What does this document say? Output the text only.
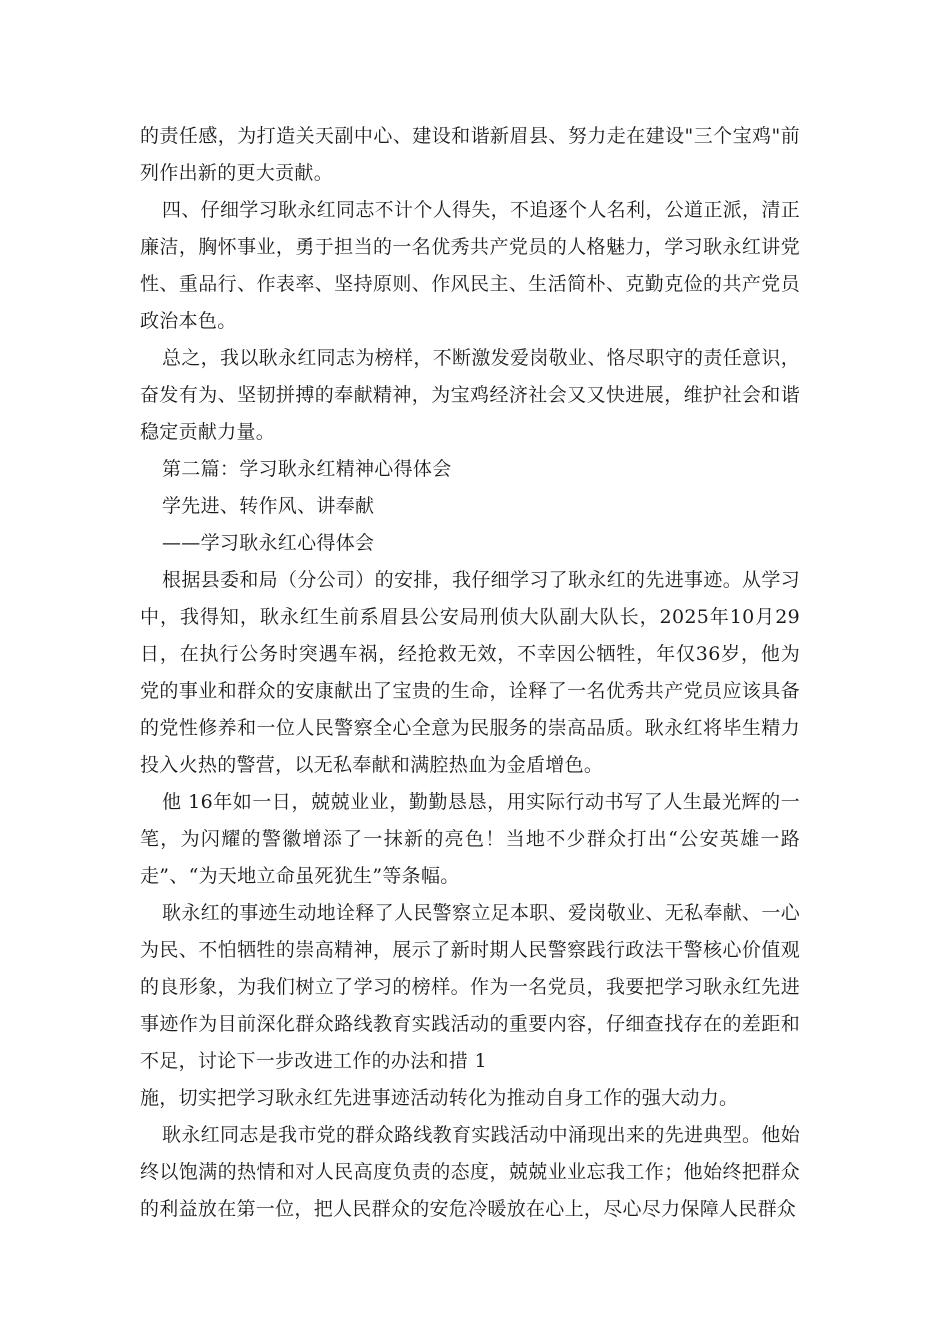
的责任感，为打造关天副中心、建设和谐新眉县、努力走在建设"三个宝鸡"前列作出新的更大贡献。

四、仔细学习耿永红同志不计个人得失，不追逐个人名利，公道正派，清正廉洁，胸怀事业，勇于担当的一名优秀共产党员的人格魅力，学习耿永红讲党性、重品行、作表率、坚持原则、作风民主、生活简朴、克勤克俭的共产党员政治本色。

总之，我以耿永红同志为榜样，不断激发爱岗敬业、恪尽职守的责任意识，奋发有为、坚韧拼搏的奉献精神，为宝鸡经济社会又又快进展，维护社会和谐稳定贡献力量。

第二篇：学习耿永红精神心得体会

学先进、转作风、讲奉献

——学习耿永红心得体会

根据县委和局（分公司）的安排，我仔细学习了耿永红的先进事迹。从学习中，我得知，耿永红生前系眉县公安局刑侦大队副大队长，2025年10月29日，在执行公务时突遇车祸，经抢救无效，不幸因公牺牲，年仅36岁，他为党的事业和群众的安康献出了宝贵的生命，诠释了一名优秀共产党员应该具备的党性修养和一位人民警察全心全意为民服务的崇高品质。耿永红将毕生精力投入火热的警营，以无私奉献和满腔热血为金盾增色。

他 16年如一日，兢兢业业，勤勤恳恳，用实际行动书写了人生最光辉的一笔，为闪耀的警徽增添了一抹新的亮色！当地不少群众打出“公安英雄一路走”、“为天地立命虽死犹生”等条幅。

耿永红的事迹生动地诠释了人民警察立足本职、爱岗敬业、无私奉献、一心为民、不怕牺牲的崇高精神，展示了新时期人民警察践行政法干警核心价值观的良形象，为我们树立了学习的榜样。作为一名党员，我要把学习耿永红先进事迹作为目前深化群众路线教育实践活动的重要内容，仔细查找存在的差距和不足，讨论下一步改进工作的办法和措 1

施，切实把学习耿永红先进事迹活动转化为推动自身工作的强大动力。

耿永红同志是我市党的群众路线教育实践活动中涌现出来的先进典型。他始终以饱满的热情和对人民高度负责的态度，兢兢业业忘我工作；他始终把群众的利益放在第一位，把人民群众的安危冷暖放在心上，尽心尽力保障人民群众
